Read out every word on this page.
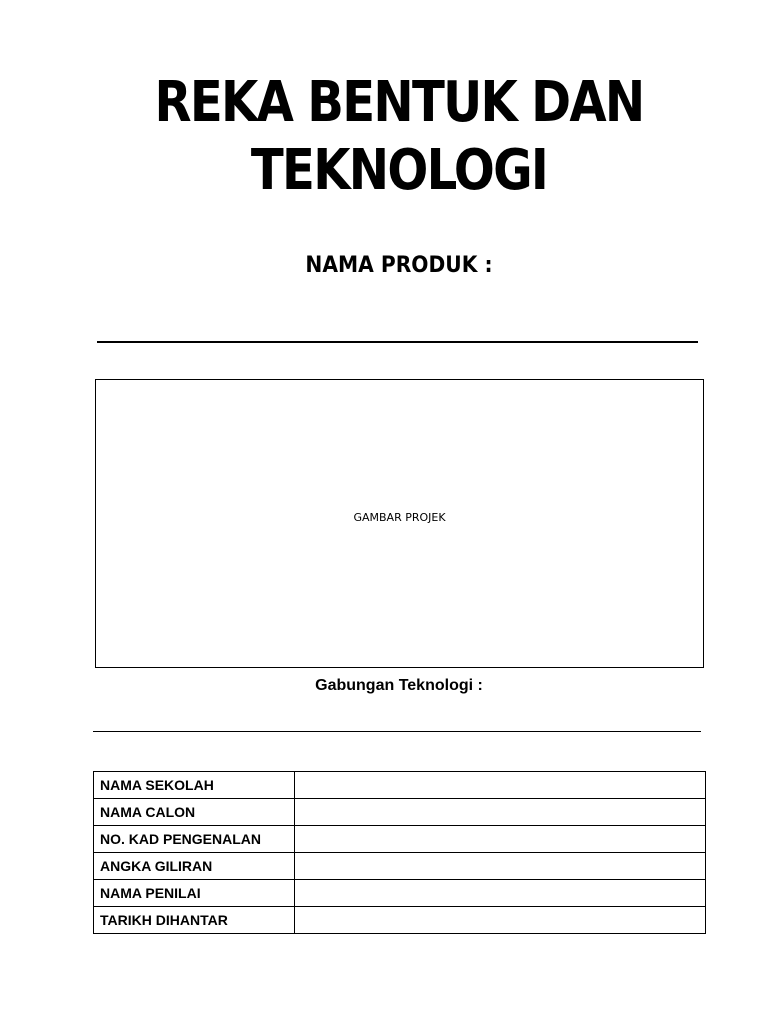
REKA BENTUK DAN
TEKNOLOGI
NAMA PRODUK :
GAMBAR PROJEK
Gabungan Teknologi :
NAMA SEKOLAH	
NAMA CALON	
NO. KAD PENGENALAN	
ANGKA GILIRAN	
NAMA PENILAI	
TARIKH DIHANTAR	
